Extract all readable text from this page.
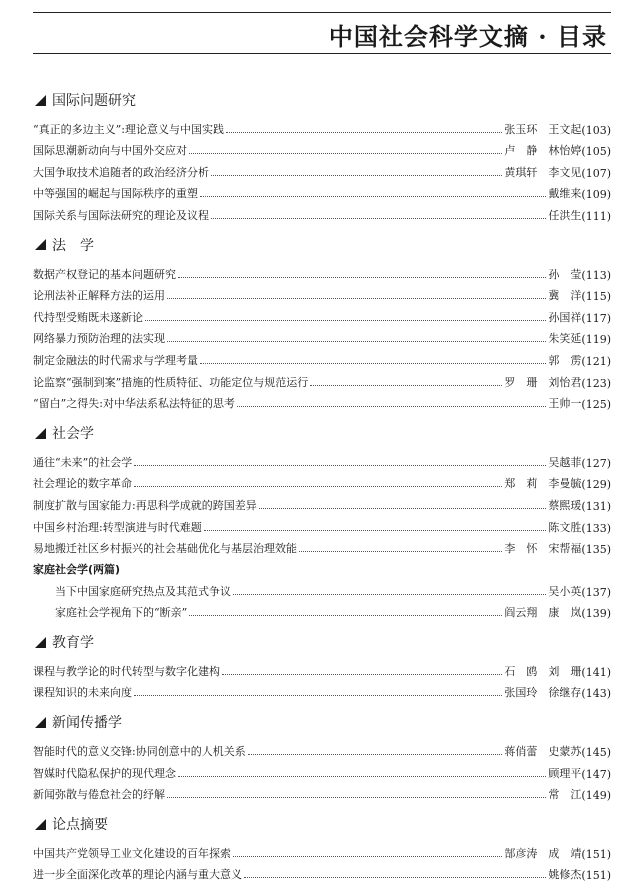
中国社会科学文摘 · 目录
国际问题研究
“真正的多边主义”:理论意义与中国实践	张玉环　王文起 (103)
国际思潮新动向与中国外交应对	卢　静　林怡婷 (105)
大国争取技术追随者的政治经济分析	黄琪轩　李文见 (107)
中等强国的崛起与国际秩序的重塑	戴维来 (109)
国际关系与国际法研究的理论及议程	任洪生 (111)
法　学
数据产权登记的基本问题研究	孙　莹 (113)
论刑法补正解释方法的运用	冀　洋 (115)
代持型受贿既未遂新论	孙国祥 (117)
网络暴力预防治理的法实现	朱笑延 (119)
制定金融法的时代需求与学理考量	郭　雳 (121)
论监察“强制到案”措施的性质特征、功能定位与规范运行	罗　珊　刘怡君 (123)
“留白”之得失:对中华法系私法特征的思考	王帅一 (125)
社会学
通往“未来”的社会学	吴越菲 (127)
社会理论的数字革命	郑　莉　李曼毓 (129)
制度扩散与国家能力:再思科学成就的跨国差异	蔡熙瑗 (131)
中国乡村治理:转型演进与时代难题	陈文胜 (133)
易地搬迁社区乡村振兴的社会基础优化与基层治理效能	李　怀　宋帮福 (135)
家庭社会学(两篇)
当下中国家庭研究热点及其范式争议	吴小英 (137)
家庭社会学视角下的“断亲”	阎云翔　康　岚 (139)
教育学
课程与教学论的时代转型与数字化建构	石　鸥　刘　珊 (141)
课程知识的未来向度	张国玲　徐继存 (143)
新闻传播学
智能时代的意义交锋:协同创意中的人机关系	蒋俏蕾　史蒙苏 (145)
智媒时代隐私保护的现代理念	顾理平 (147)
新闻弥散与倦怠社会的纾解	常　江 (149)
论点摘要
中国共产党领导工业文化建设的百年探索	郜彦涛　成　靖 (151)
进一步全面深化改革的理论内涵与重大意义	姚修杰 (151)
